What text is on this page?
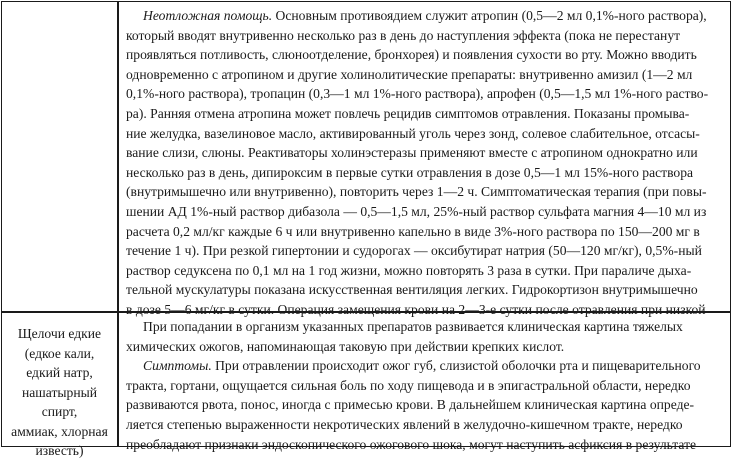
Неотложная помощь. Основным противоядием служит атропин (0,5—2 мл 0,1%-ного раствора),
который вводят внутривенно несколько раз в день до наступления эффекта (пока не перестанут
проявляться потливость, слюноотделение, бронхорея) и появления сухости во рту. Можно вводить
одновременно с атропином и другие холинолитические препараты: внутривенно амизил (1—2 мл
0,1%-ного раствора), тропацин (0,3—1 мл 1%-ного раствора), апрофен (0,5—1,5 мл 1%-ного раство-
ра). Ранняя отмена атропина может повлечь рецидив симптомов отравления. Показаны промыва-
ние желудка, вазелиновое масло, активированный уголь через зонд, солевое слабительное, отсасы-
вание слизи, слюны. Реактиваторы холинэстеразы применяют вместе с атропином однократно или
несколько раз в день, дипироксим в первые сутки отравления в дозе 0,5—1 мл 15%-ного раствора
(внутримышечно или внутривенно), повторить через 1—2 ч. Симптоматическая терапия (при повы-
шении АД 1%-ный раствор дибазола — 0,5—1,5 мл, 25%-ный раствор сульфата магния 4—10 мл из
расчета 0,2 мл/кг каждые 6 ч или внутривенно капельно в виде 3%-ного раствора по 150—200 мг в
течение 1 ч). При резкой гипертонии и судорогах — оксибутират натрия (50—120 мг/кг), 0,5%-ный
раствор седуксена по 0,1 мл на 1 год жизни, можно повторять 3 раза в сутки. При параличе дыха-
тельной мускулатуры показана искусственная вентиляция легких. Гидрокортизон внутримышечно
в дозе 5—6 мг/кг в сутки. Операция замещения крови на 2—3-е сутки после отравления при низкой
Щелочи едкие
(едкое кали,
едкий натр,
нашатырный
спирт,
аммиак, хлорная
известь)
При попадании в организм указанных препаратов развивается клиническая картина тяжелых
химических ожогов, напоминающая таковую при действии крепких кислот.
Симптомы. При отравлении происходит ожог губ, слизистой оболочки рта и пищеварительного
тракта, гортани, ощущается сильная боль по ходу пищевода и в эпигастральной области, нередко
развиваются рвота, понос, иногда с примесью крови. В дальнейшем клиническая картина опреде-
ляется степенью выраженности некротических явлений в желудочно-кишечном тракте, нередко
преобладают признаки эндоскопического ожогового шока, могут наступить асфиксия в результате
